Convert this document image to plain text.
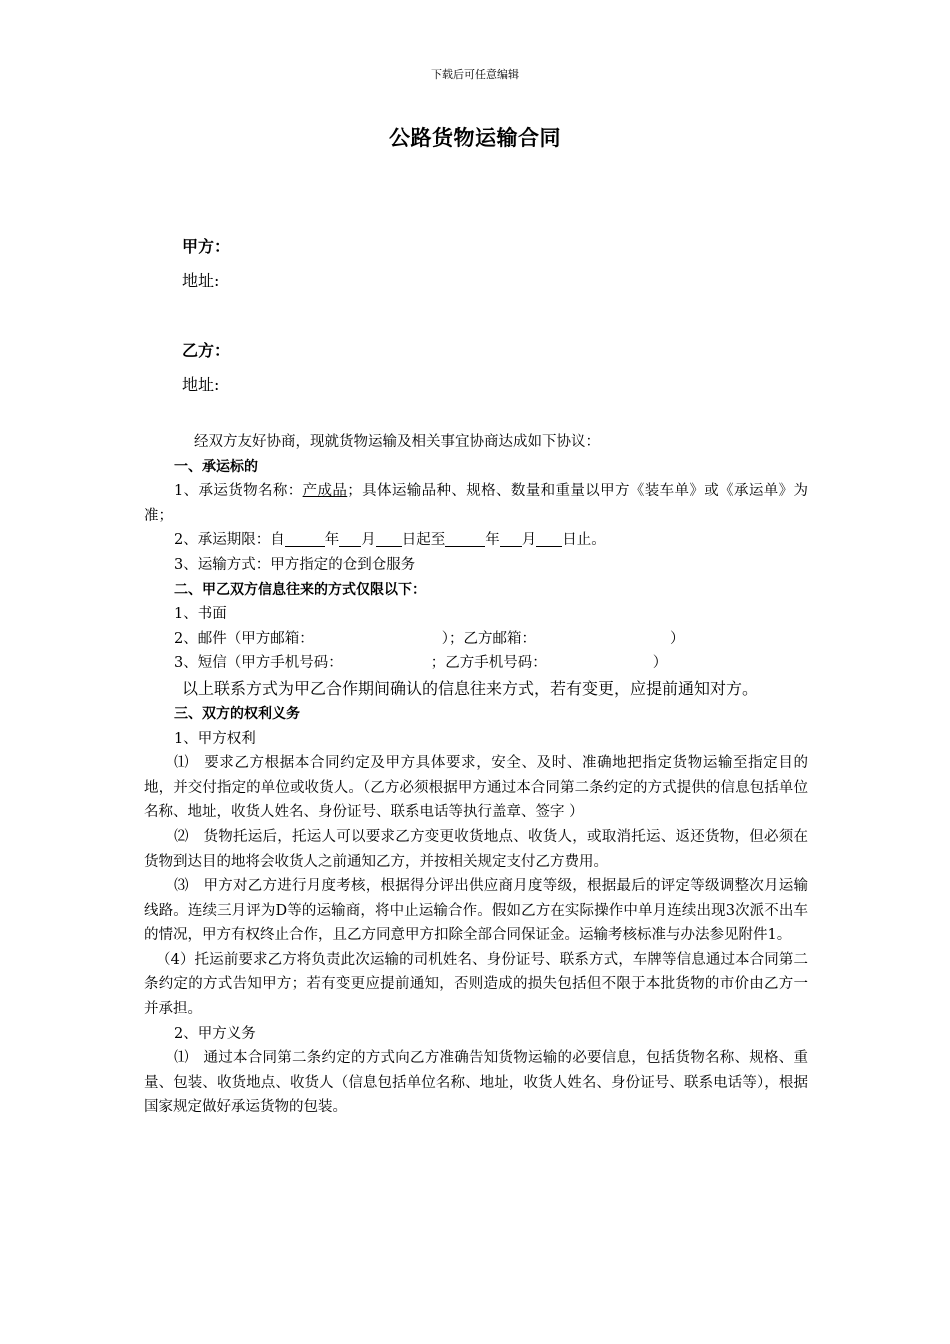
下载后可任意编辑
公路货物运输合同
甲方：
地址:
乙方：
地址:
经双方友好协商，现就货物运输及相关事宜协商达成如下协议：
一、承运标的
1、承运货物名称：产成品；具体运输品种、规格、数量和重量以甲方《装车单》或《承运单》为准；
2、承运期限：自	年 月 日起至	年 月 日止。
3、运输方式：甲方指定的仓到仓服务
二、甲乙双方信息往来的方式仅限以下：
1、书面
2、邮件（甲方邮箱：	）；乙方邮箱：	）
3、短信（甲方手机号码：	；乙方手机号码：	）
以上联系方式为甲乙合作期间确认的信息往来方式，若有变更，应提前通知对方。
三、双方的权利义务
1、甲方权利
⑴　要求乙方根据本合同约定及甲方具体要求，安全、及时、准确地把指定货物运输至指定目的地，并交付指定的单位或收货人。（乙方必须根据甲方通过本合同第二条约定的方式提供的信息包括单位名称、地址，收货人姓名、身份证号、联系电话等执行盖章、签字 ）
⑵　货物托运后，托运人可以要求乙方变更收货地点、收货人，或取消托运、返还货物，但必须在货物到达目的地将会收货人之前通知乙方，并按相关规定支付乙方费用。
⑶　甲方对乙方进行月度考核，根据得分评出供应商月度等级，根据最后的评定等级调整次月运输线路。连续三月评为D等的运输商，将中止运输合作。假如乙方在实际操作中单月连续出现3次派不出车的情况，甲方有权终止合作，且乙方同意甲方扣除全部合同保证金。运输考核标准与办法参见附件1。
（4）托运前要求乙方将负责此次运输的司机姓名、身份证号、联系方式，车牌等信息通过本合同第二条约定的方式告知甲方；若有变更应提前通知，否则造成的损失包括但不限于本批货物的市价由乙方一并承担。
2、甲方义务
⑴　通过本合同第二条约定的方式向乙方准确告知货物运输的必要信息，包括货物名称、规格、重量、包装、收货地点、收货人（信息包括单位名称、地址，收货人姓名、身份证号、联系电话等），根据国家规定做好承运货物的包装。
